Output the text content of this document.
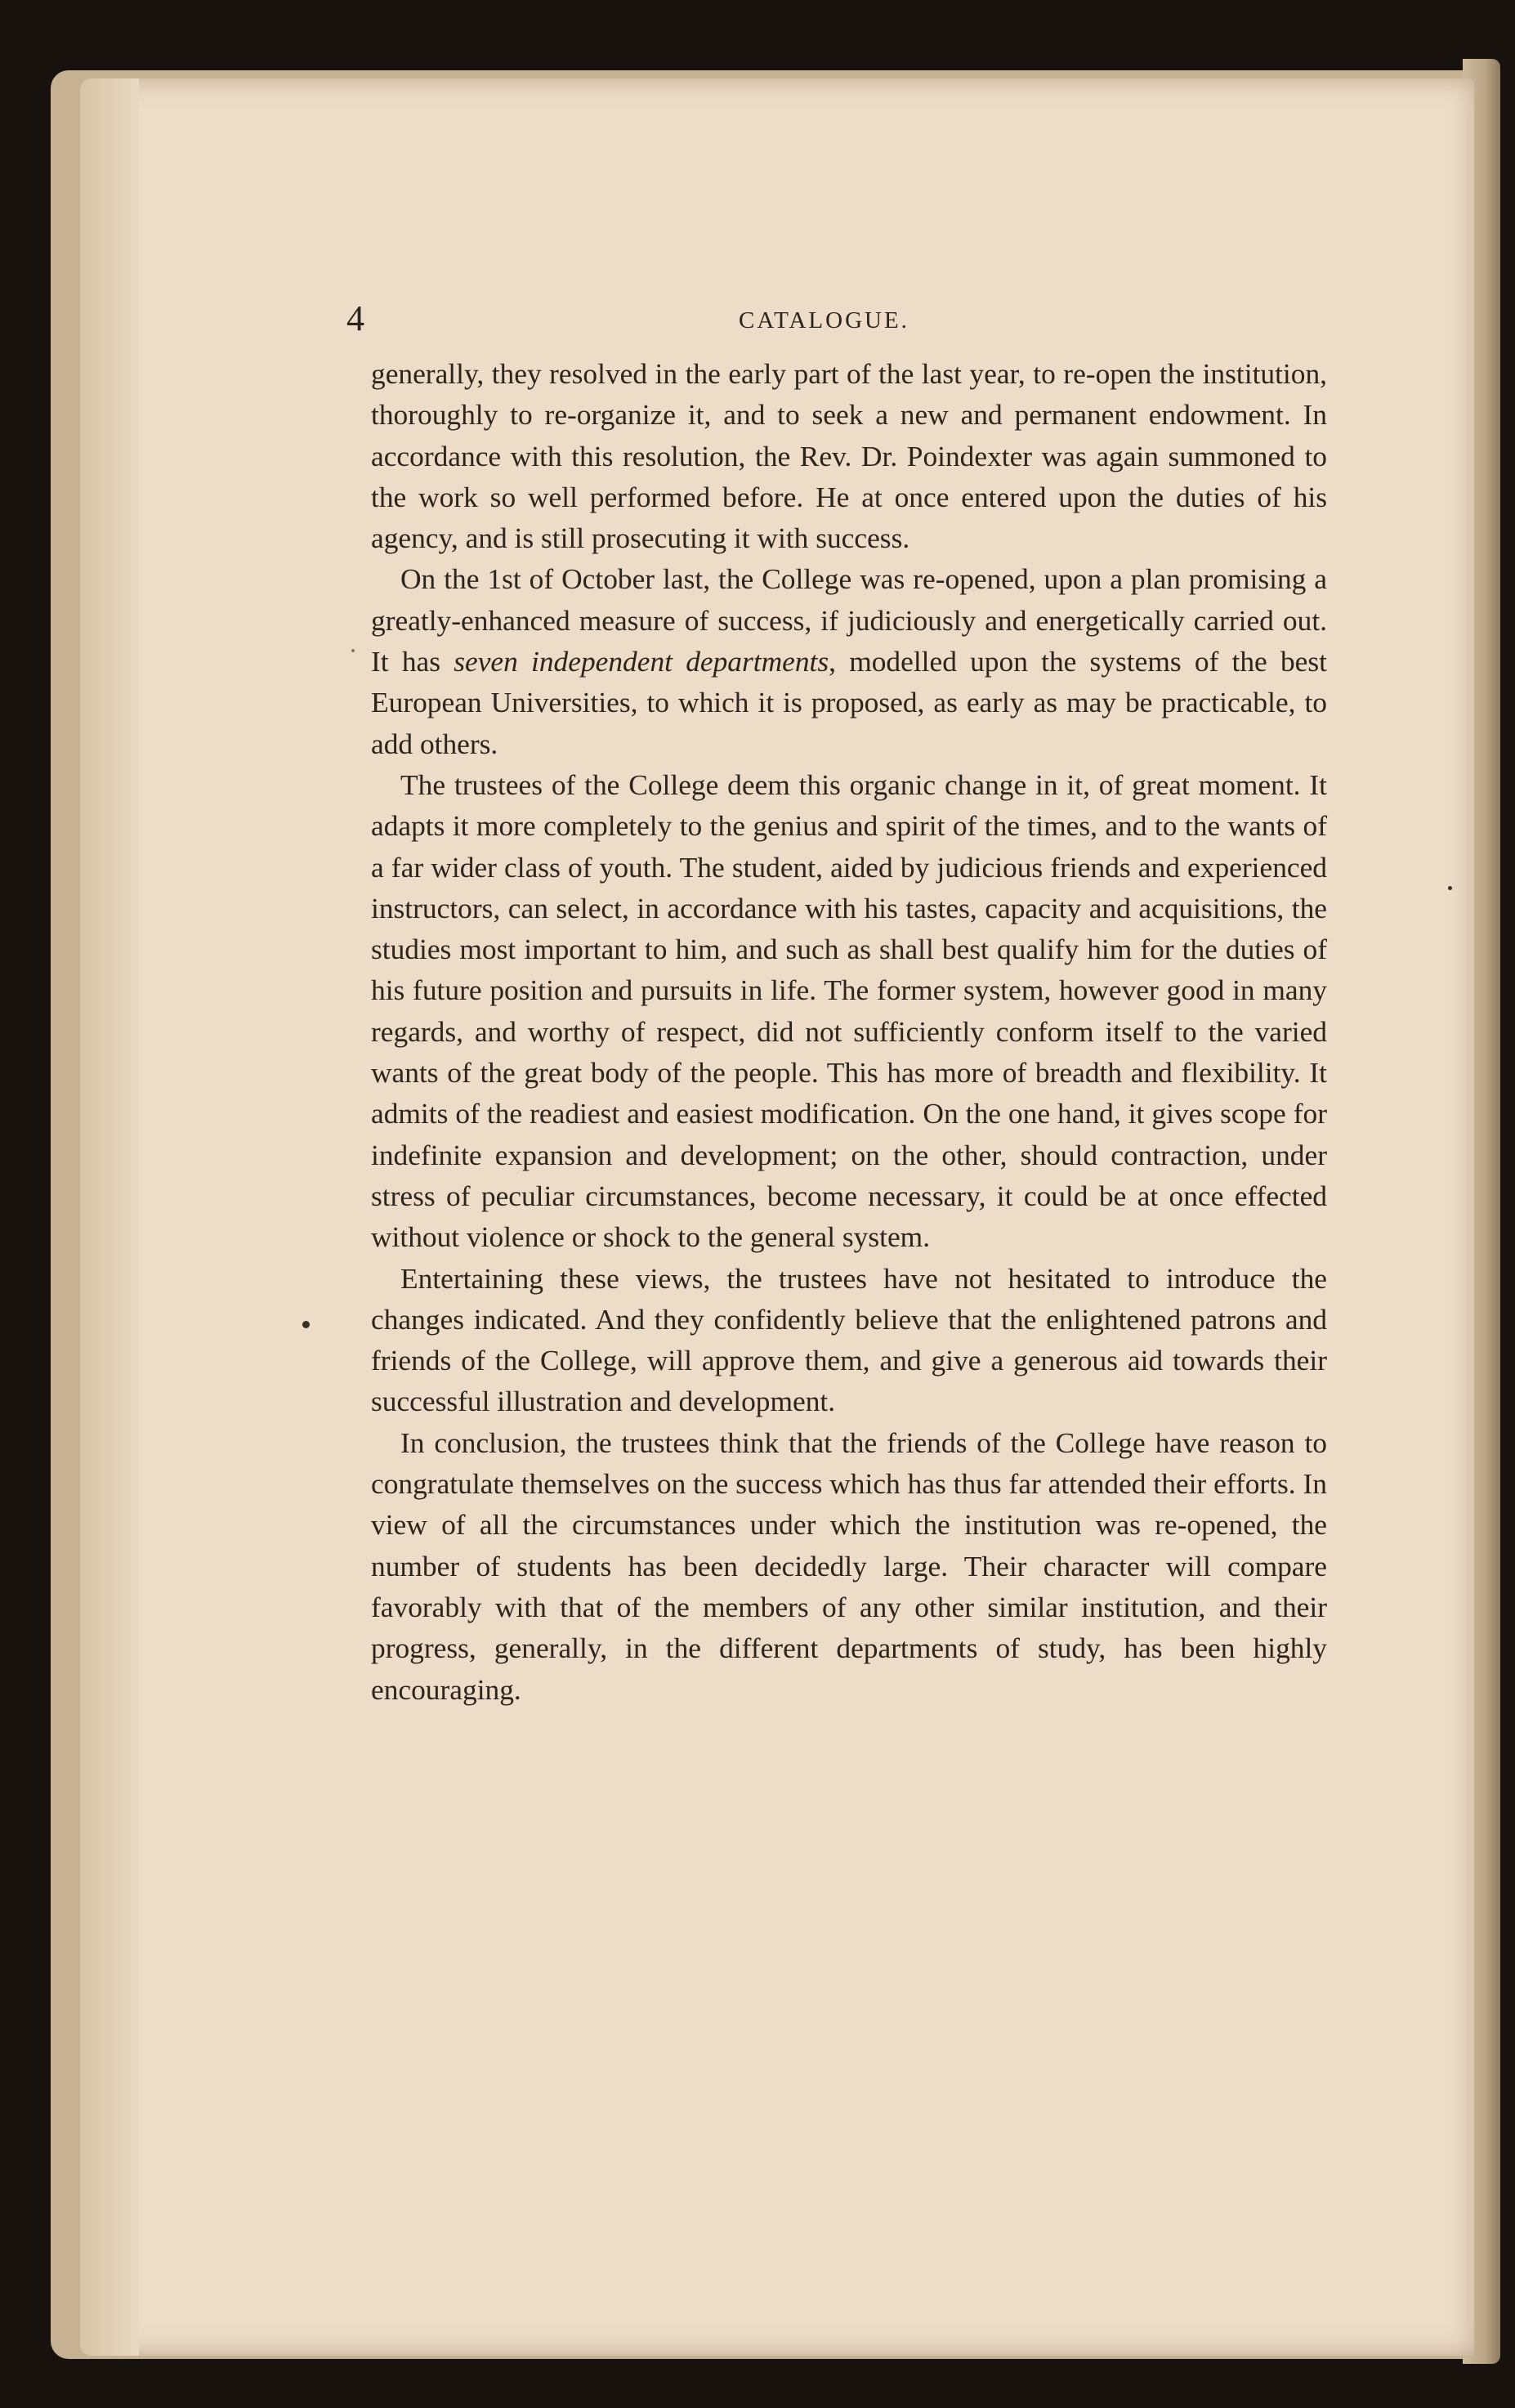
4	CATALOGUE.

generally, they resolved in the early part of the last year, to re-open the institution, thoroughly to re-organize it, and to seek a new and permanent endowment. In accordance with this resolution, the Rev. Dr. Poindexter was again summoned to the work so well performed before. He at once entered upon the duties of his agency, and is still prosecuting it with success.

On the 1st of October last, the College was re-opened, upon a plan promising a greatly-enhanced measure of success, if judiciously and energetically carried out. It has seven independent departments, modelled upon the systems of the best European Universities, to which it is proposed, as early as may be practicable, to add others.

The trustees of the College deem this organic change in it, of great moment. It adapts it more completely to the genius and spirit of the times, and to the wants of a far wider class of youth. The student, aided by judicious friends and experienced instructors, can select, in accordance with his tastes, capacity and acquisitions, the studies most important to him, and such as shall best qualify him for the duties of his future position and pursuits in life. The former system, however good in many regards, and worthy of respect, did not sufficiently conform itself to the varied wants of the great body of the people. This has more of breadth and flexibility. It admits of the readiest and easiest modification. On the one hand, it gives scope for indefinite expansion and development; on the other, should contraction, under stress of peculiar circumstances, become necessary, it could be at once effected without violence or shock to the general system.

Entertaining these views, the trustees have not hesitated to introduce the changes indicated. And they confidently believe that the enlightened patrons and friends of the College, will approve them, and give a generous aid towards their successful illustration and development.

In conclusion, the trustees think that the friends of the College have reason to congratulate themselves on the success which has thus far attended their efforts. In view of all the circumstances under which the institution was re-opened, the number of students has been decidedly large. Their character will compare favorably with that of the members of any other similar institution, and their progress, generally, in the different departments of study, has been highly encouraging.
